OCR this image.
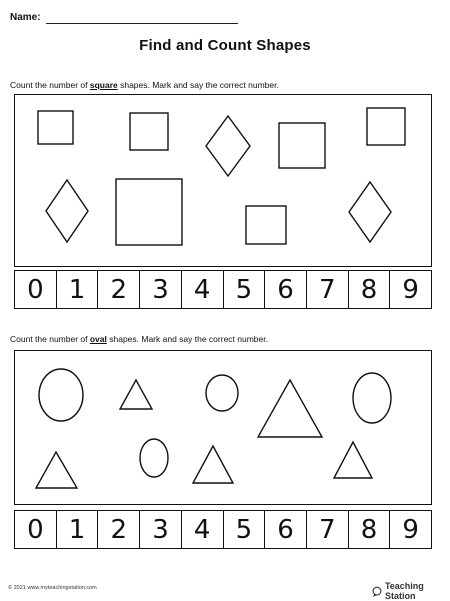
Name:
Find and Count Shapes
Count the number of square shapes. Mark and say the correct number.
0 1 2 3 4 5 6 7 8 9
Count the number of oval shapes. Mark and say the correct number.
0 1 2 3 4 5 6 7 8 9
© 2021 www.myteachingstation.com	Teaching Station
